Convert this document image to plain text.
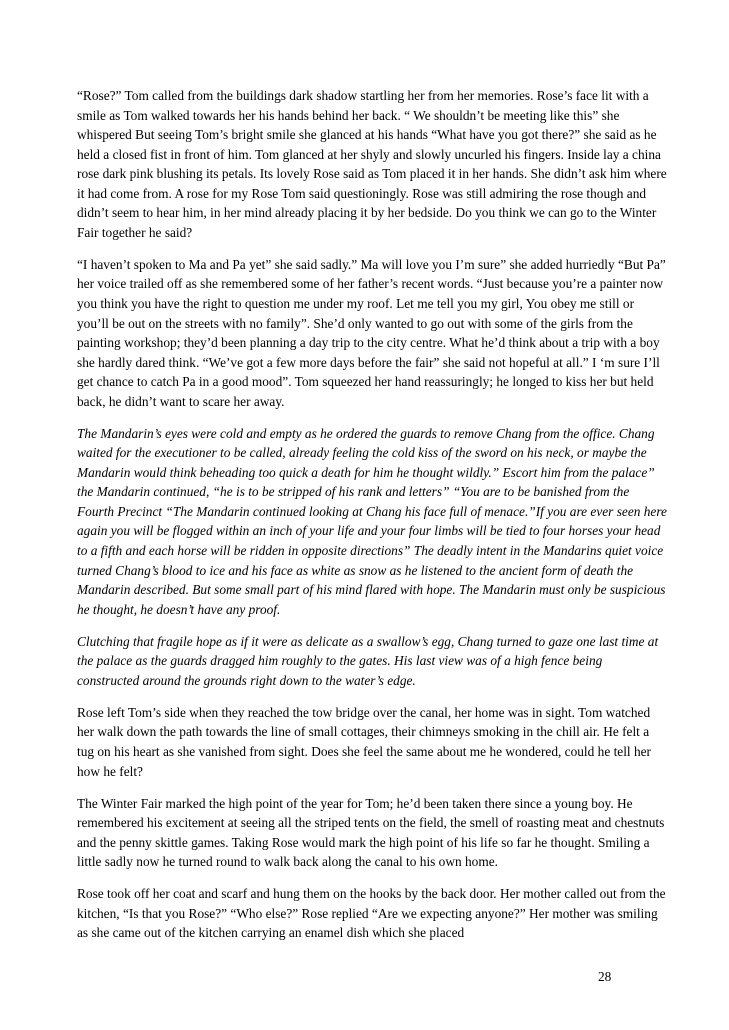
“Rose?” Tom called from the buildings dark shadow startling her from her memories. Rose’s face lit with a smile as Tom walked towards her his hands behind her back. “ We shouldn’t be meeting like this” she whispered But seeing Tom’s bright smile she glanced at his hands “What have you got there?” she said as he held a closed fist in front of him. Tom glanced at her shyly and slowly uncurled his fingers. Inside lay a china rose dark pink blushing its petals. Its lovely Rose said as Tom placed it in her hands. She didn’t ask him where it had come from. A rose for my Rose Tom said questioningly. Rose was still admiring the rose though and didn’t seem to hear him, in her mind already placing it by her bedside. Do you think we can go to the Winter Fair together he said?

“I haven’t spoken to Ma and Pa yet” she said sadly.” Ma will love you I’m sure” she added hurriedly “But Pa” her voice trailed off as she remembered some of her father’s recent words. “Just because you’re a painter now you think you have the right to question me under my roof. Let me tell you my girl, You obey me still or you’ll be out on the streets with no family”. She’d only wanted to go out with some of the girls from the painting workshop; they’d been planning a day trip to the city centre. What he’d think about a trip with a boy she hardly dared think. “We’ve got a few more days before the fair” she said not hopeful at all.” I ‘m sure I’ll get chance to catch Pa in a good mood”. Tom squeezed her hand reassuringly; he longed to kiss her but held back, he didn’t want to scare her away.

The Mandarin’s eyes were cold and empty as he ordered the guards to remove Chang from the office. Chang waited for the executioner to be called, already feeling the cold kiss of the sword on his neck, or maybe the Mandarin would think beheading too quick a death for him he thought wildly.” Escort him from the palace” the Mandarin continued, “he is to be stripped of his rank and letters” “You are to be banished from the Fourth Precinct “The Mandarin continued looking at Chang his face full of menace.”If you are ever seen here again you will be flogged within an inch of your life and your four limbs will be tied to four horses your head to a fifth and each horse will be ridden in opposite directions” The deadly intent in the Mandarins quiet voice turned Chang’s blood to ice and his face as white as snow as he listened to the ancient form of death the Mandarin described. But some small part of his mind flared with hope. The Mandarin must only be suspicious he thought, he doesn’t have any proof.

Clutching that fragile hope as if it were as delicate as a swallow’s egg, Chang turned to gaze one last time at the palace as the guards dragged him roughly to the gates. His last view was of a high fence being constructed around the grounds right down to the water’s edge.

Rose left Tom’s side when they reached the tow bridge over the canal, her home was in sight. Tom watched her walk down the path towards the line of small cottages, their chimneys smoking in the chill air. He felt a tug on his heart as she vanished from sight. Does she feel the same about me he wondered, could he tell her how he felt?

The Winter Fair marked the high point of the year for Tom; he’d been taken there since a young boy. He remembered his excitement at seeing all the striped tents on the field, the smell of roasting meat and chestnuts and the penny skittle games. Taking Rose would mark the high point of his life so far he thought. Smiling a little sadly now he turned round to walk back along the canal to his own home.

Rose took off her coat and scarf and hung them on the hooks by the back door. Her mother called out from the kitchen, “Is that you Rose?” “Who else?” Rose replied “Are we expecting anyone?” Her mother was smiling as she came out of the kitchen carrying an enamel dish which she placed

28
